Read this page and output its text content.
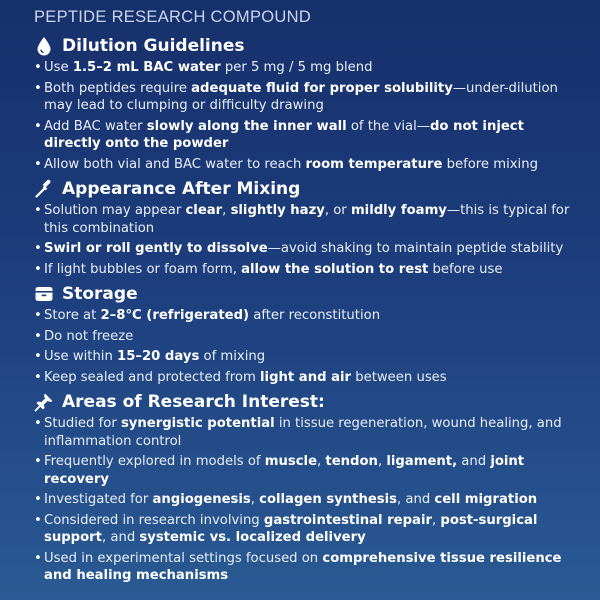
PEPTIDE RESEARCH COMPOUND
Dilution Guidelines
• Use 1.5–2 mL BAC water per 5 mg / 5 mg blend
• Both peptides require adequate fluid for proper solubility—under-dilution may lead to clumping or difficulty drawing
• Add BAC water slowly along the inner wall of the vial—do not inject directly onto the powder
• Allow both vial and BAC water to reach room temperature before mixing
Appearance After Mixing
• Solution may appear clear, slightly hazy, or mildly foamy—this is typical for this combination
• Swirl or roll gently to dissolve—avoid shaking to maintain peptide stability
• If light bubbles or foam form, allow the solution to rest before use
Storage
• Store at 2–8°C (refrigerated) after reconstitution
• Do not freeze
• Use within 15–20 days of mixing
• Keep sealed and protected from light and air between uses
Areas of Research Interest:
• Studied for synergistic potential in tissue regeneration, wound healing, and inflammation control
• Frequently explored in models of muscle, tendon, ligament, and joint recovery
• Investigated for angiogenesis, collagen synthesis, and cell migration
• Considered in research involving gastrointestinal repair, post-surgical support, and systemic vs. localized delivery
• Used in experimental settings focused on comprehensive tissue resilience and healing mechanisms
